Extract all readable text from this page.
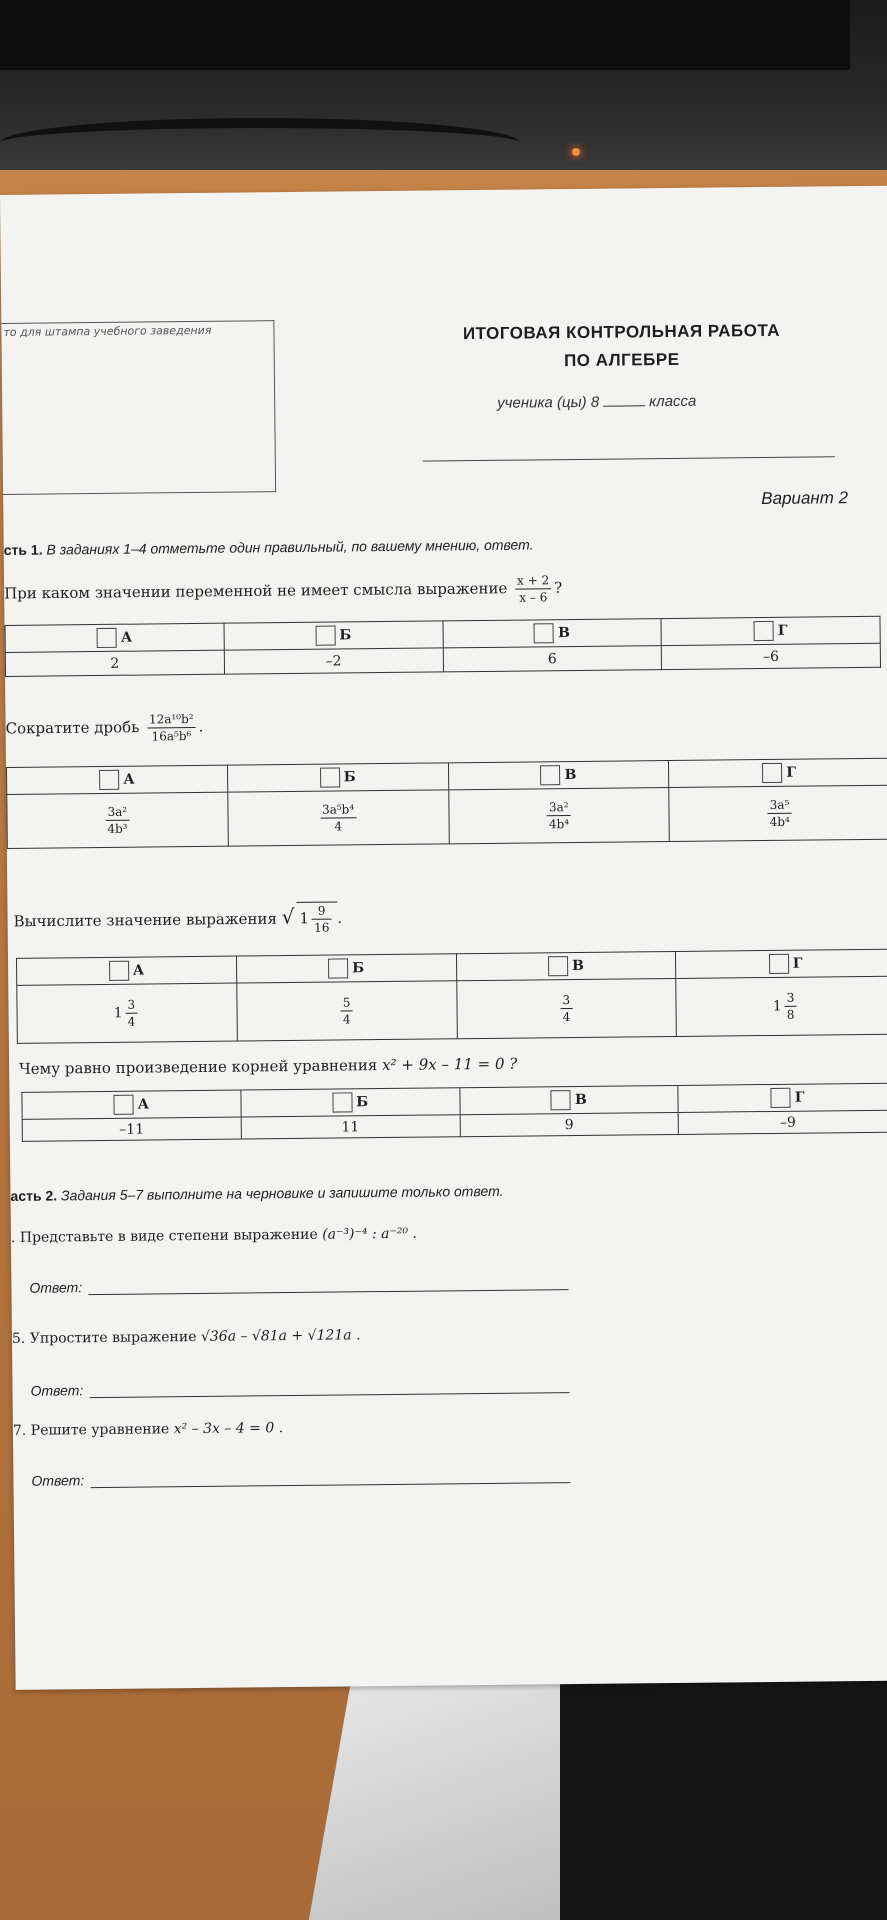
то для штампа учебного заведения	ИТОГОВАЯ КОНТРОЛЬНАЯ РАБОТА
ПО АЛГЕБРЕ
ученика (цы) 8	класса
Вариант 2
сть 1. В заданиях 1–4 отметьте один правильный, по вашему мнению, ответ.
При каком значении переменной не имеет смысла выражение $\frac{x + 2}{x - 6}$ ?
А	Б	В	Г
2	–2	6	–6
Сократите дробь $\frac{\text{12a¹⁰b²}}{\text{16a⁵b⁶}}$ .
А	Б	В	Г

$\frac{\text{3a²}}{\text{4b³}}$	$\frac{\text{3a⁵b⁴}}{4}$	$\frac{\text{3a²}}{\text{4b⁴}}$	$\frac{\text{3a⁵}}{\text{4b⁴}}$
Вычислите значение выражения √ $1 \frac{9}{16}$ .
А	Б	В	Г
$1 \frac{3}{4}$	$\frac{5}{4}$	$\frac{3}{4}$	$1 \frac{3}{8}$
Чему равно произведение корней уравнения x² + 9x – 11 = 0 ?
А	Б	В	Г
–11	11	9	–9
асть 2. Задания 5–7 выполните на черновике и запишите только ответ.
. Представьте в виде степени выражение (a⁻³)⁻⁴ : a⁻²⁰ .
Ответ:
5. Упростите выражение √36a – √81a + √121a .
Ответ:
7. Решите уравнение x² – 3x – 4 = 0 .
Ответ:
